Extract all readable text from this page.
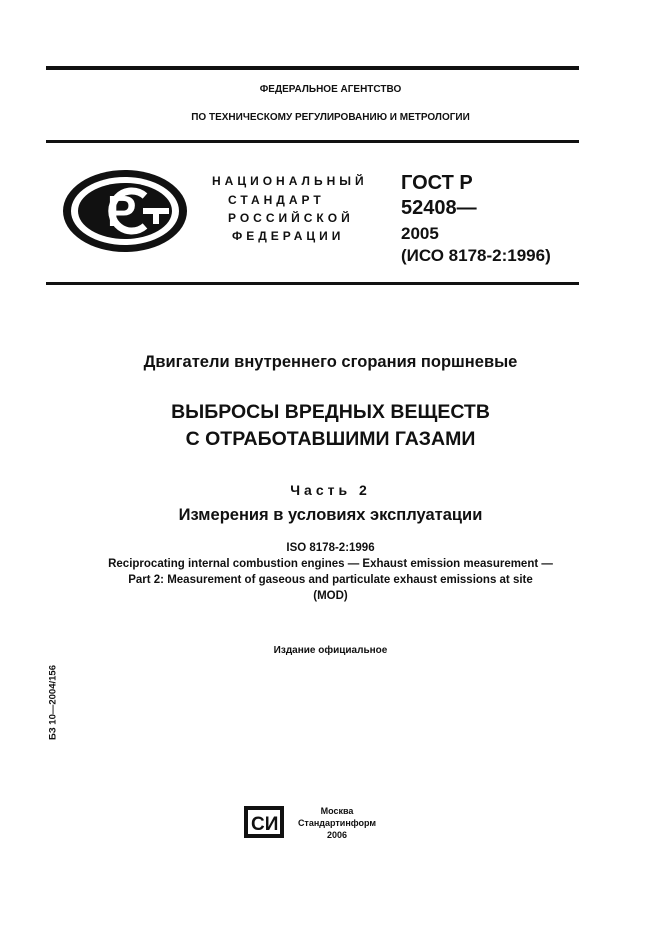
ФЕДЕРАЛЬНОЕ АГЕНТСТВО
ПО ТЕХНИЧЕСКОМУ РЕГУЛИРОВАНИЮ И МЕТРОЛОГИИ
Р
НАЦИОНАЛЬНЫЙ
СТАНДАРТ
РОССИЙСКОЙ
ФЕДЕРАЦИИ
ГОСТ Р
52408—
2005
(ИСО 8178-2:1996)
Двигатели внутреннего сгорания поршневые
ВЫБРОСЫ ВРЕДНЫХ ВЕЩЕСТВ
С ОТРАБОТАВШИМИ ГАЗАМИ
Часть 2
Измерения в условиях эксплуатации
ISO 8178-2:1996
Reciprocating internal combustion engines — Exhaust emission measurement —
Part 2: Measurement of gaseous and particulate exhaust emissions at site
(MOD)
Издание официальное
БЗ 10—2004/156
СИ
Москва
Стандартинформ
2006
